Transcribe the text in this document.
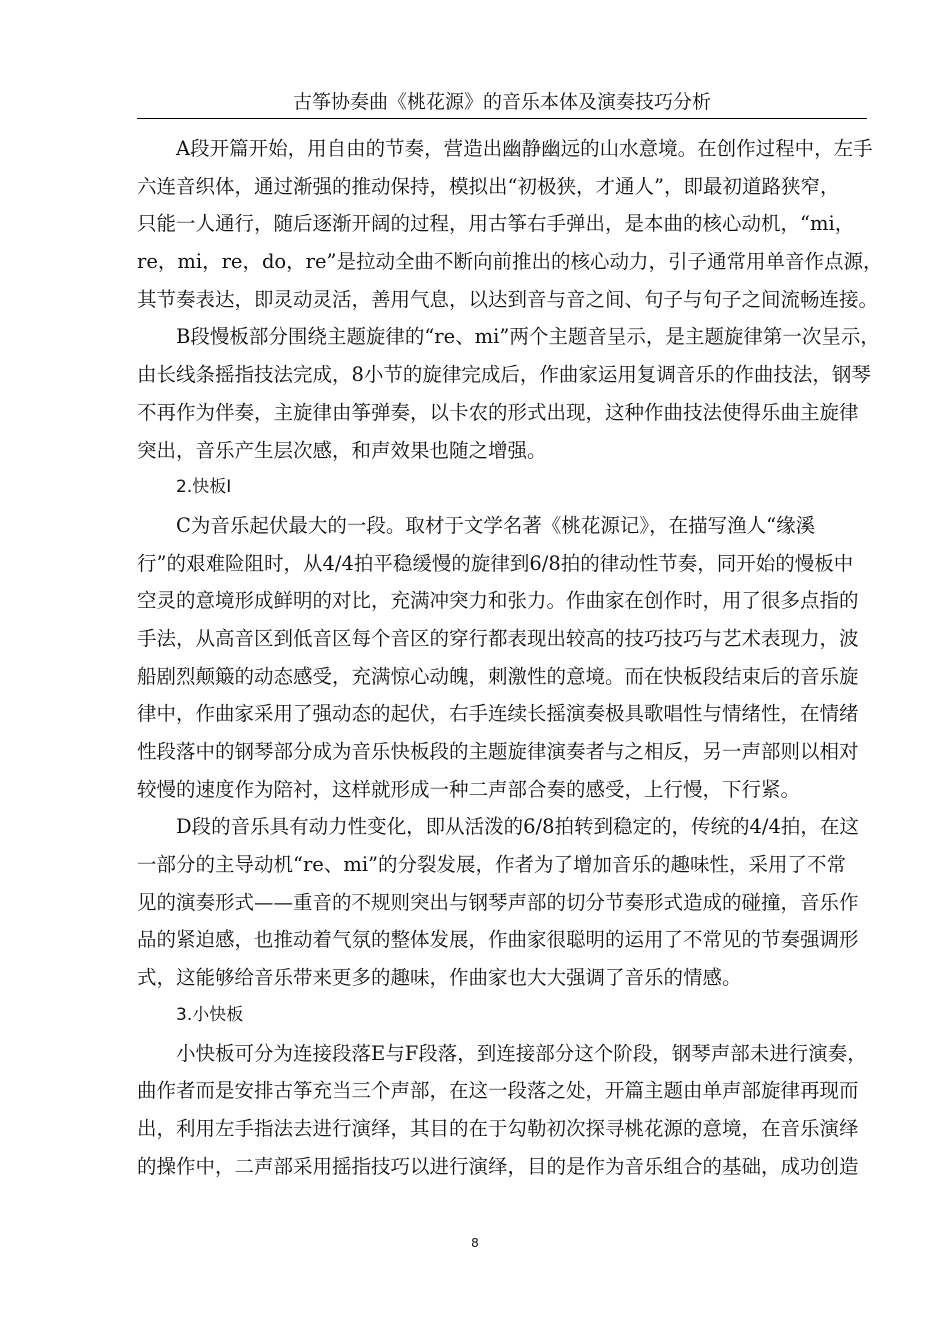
古筝协奏曲《桃花源》的音乐本体及演奏技巧分析
A段开篇开始，用自由的节奏，营造出幽静幽远的山水意境。在创作过程中，左手
六连音织体，通过渐强的推动保持，模拟出“初极狭，才通人”，即最初道路狭窄，
只能一人通行，随后逐渐开阔的过程，用古筝右手弹出，是本曲的核心动机，“mi，
re，mi，re，do，re”是拉动全曲不断向前推出的核心动力，引子通常用单音作点源，
其节奏表达，即灵动灵活，善用气息，以达到音与音之间、句子与句子之间流畅连接。
B段慢板部分围绕主题旋律的“re、mi”两个主题音呈示，是主题旋律第一次呈示，
由长线条摇指技法完成，8小节的旋律完成后，作曲家运用复调音乐的作曲技法，钢琴
不再作为伴奏，主旋律由筝弹奏，以卡农的形式出现，这种作曲技法使得乐曲主旋律
突出，音乐产生层次感，和声效果也随之增强。
2.快板Ⅰ
C为音乐起伏最大的一段。取材于文学名著《桃花源记》，在描写渔人“缘溪
行”的艰难险阻时，从4/4拍平稳缓慢的旋律到6/8拍的律动性节奏，同开始的慢板中
空灵的意境形成鲜明的对比，充满冲突力和张力。作曲家在创作时，用了很多点指的
手法，从高音区到低音区每个音区的穿行都表现出较高的技巧技巧与艺术表现力，波
船剧烈颠簸的动态感受，充满惊心动魄，刺激性的意境。而在快板段结束后的音乐旋
律中，作曲家采用了强动态的起伏，右手连续长摇演奏极具歌唱性与情绪性，在情绪
性段落中的钢琴部分成为音乐快板段的主题旋律演奏者与之相反，另一声部则以相对
较慢的速度作为陪衬，这样就形成一种二声部合奏的感受，上行慢，下行紧。
D段的音乐具有动力性变化，即从活泼的6/8拍转到稳定的，传统的4/4拍，在这
一部分的主导动机“re、mi”的分裂发展，作者为了增加音乐的趣味性，采用了不常
见的演奏形式——重音的不规则突出与钢琴声部的切分节奏形式造成的碰撞，音乐作
品的紧迫感，也推动着气氛的整体发展，作曲家很聪明的运用了不常见的节奏强调形
式，这能够给音乐带来更多的趣味，作曲家也大大强调了音乐的情感。
3.小快板
小快板可分为连接段落E与F段落，到连接部分这个阶段，钢琴声部未进行演奏，
曲作者而是安排古筝充当三个声部，在这一段落之处，开篇主题由单声部旋律再现而
出，利用左手指法去进行演绎，其目的在于勾勒初次探寻桃花源的意境，在音乐演绎
的操作中，二声部采用摇指技巧以进行演绎，目的是作为音乐组合的基础，成功创造
8
